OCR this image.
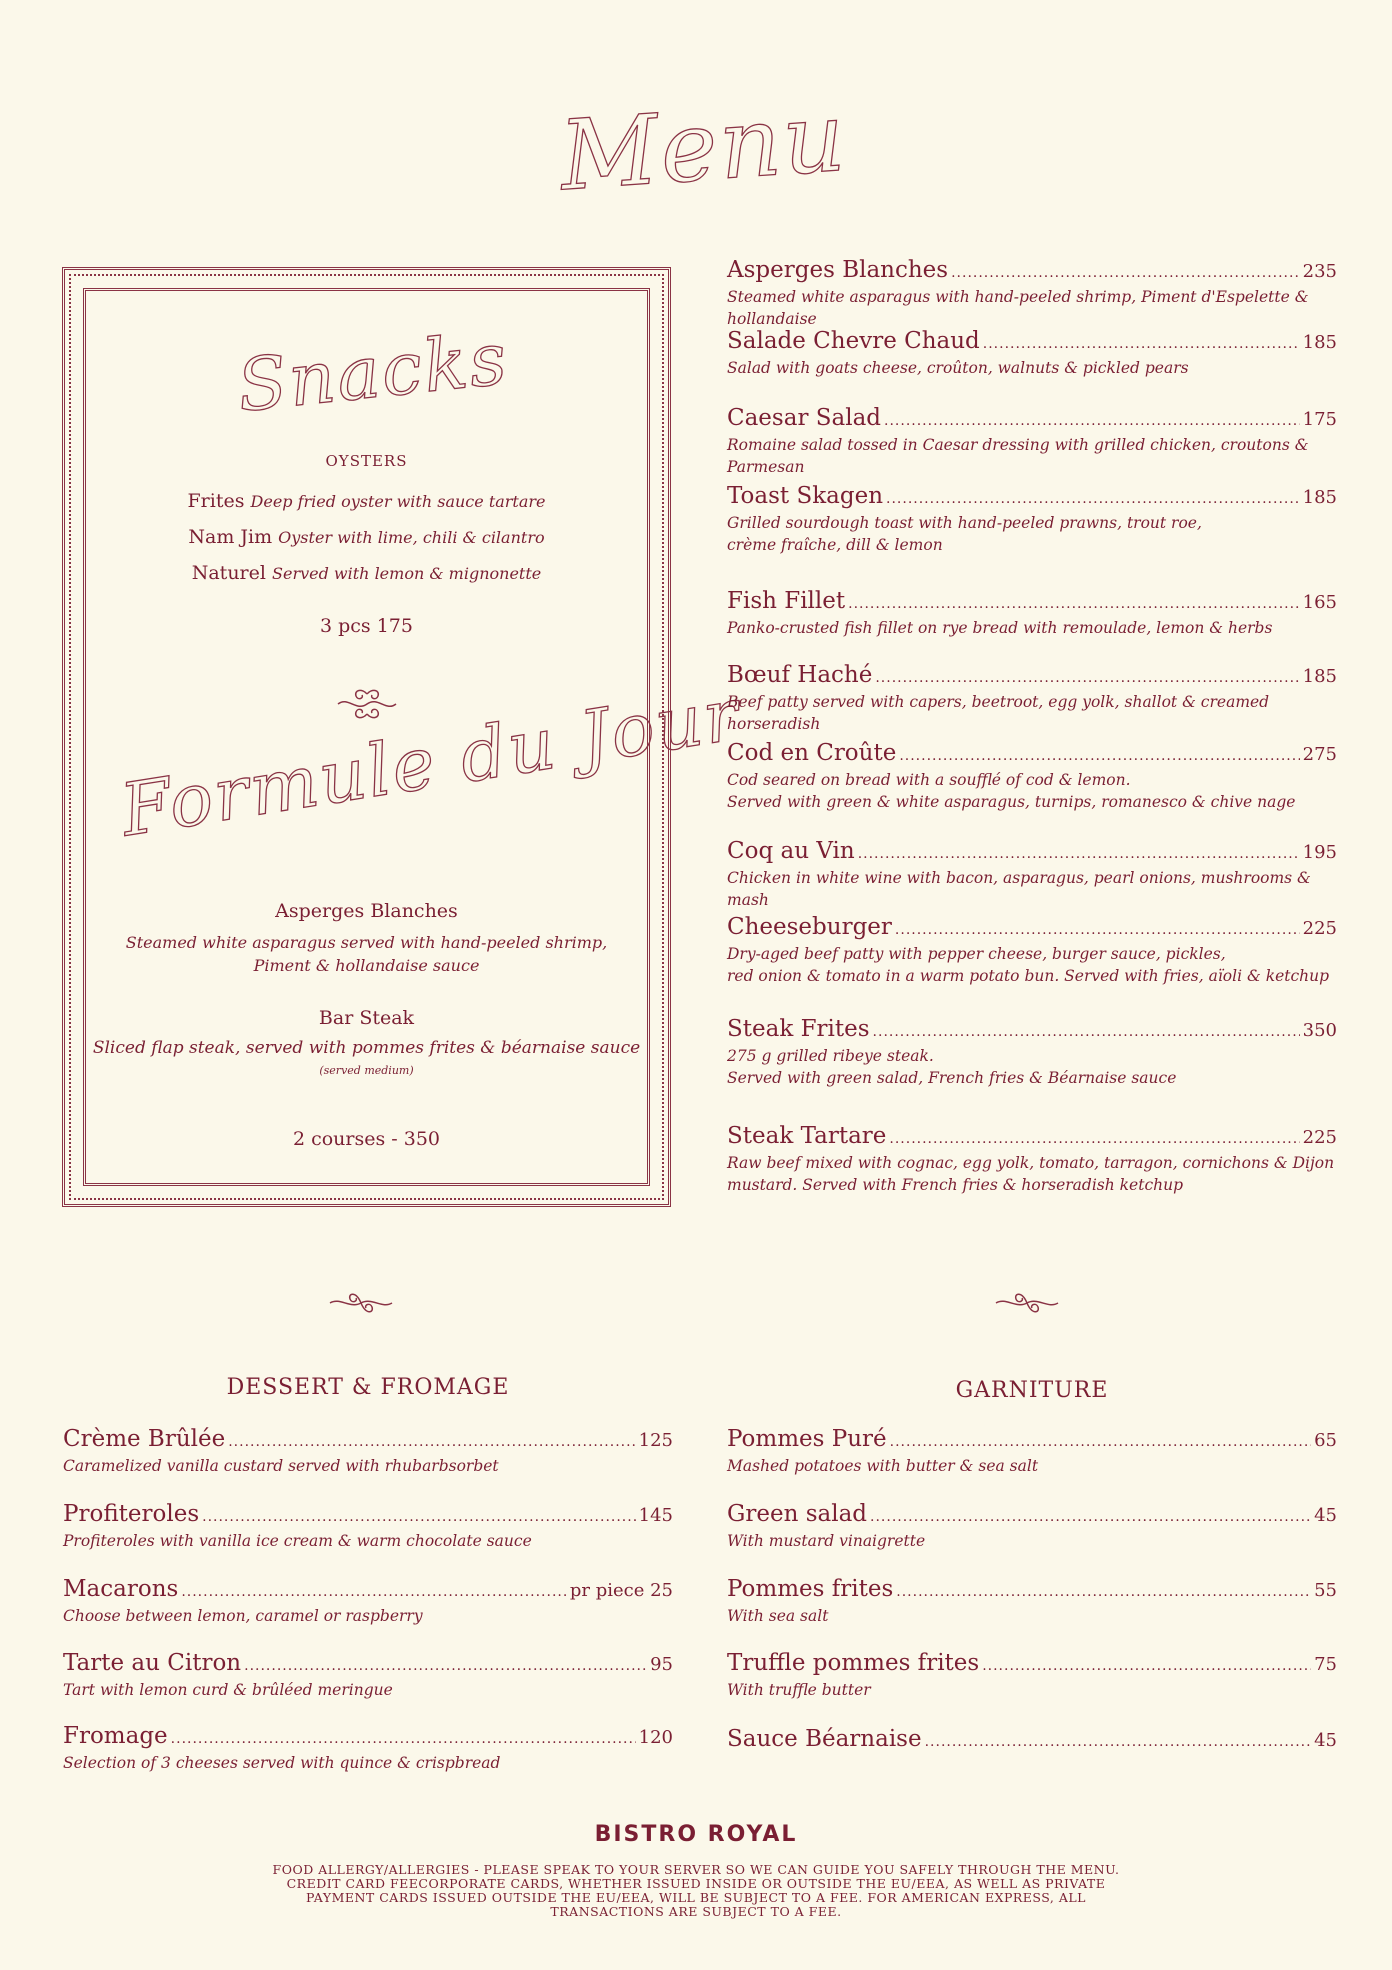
Menu
Snacks
OYSTERS
Frites Deep fried oyster with sauce tartare
Nam Jim Oyster with lime, chili & cilantro
Naturel Served with lemon & mignonette
3 pcs 175
Formule du Jour
Asperges Blanches
Steamed white asparagus served with hand-peeled shrimp,
Piment & hollandaise sauce
Bar Steak
Sliced flap steak, served with pommes frites & béarnaise sauce
(served medium)
2 courses - 350
Asperges Blanches .....	235
Steamed white asparagus with hand-peeled shrimp, Piment d'Espelette & hollandaise
Salade Chevre Chaud .....	185
Salad with goats cheese, croûton, walnuts & pickled pears
Caesar Salad .....	175
Romaine salad tossed in Caesar dressing with grilled chicken, croutons & Parmesan
Toast Skagen .....	185
Grilled sourdough toast with hand-peeled prawns, trout roe,
crème fraîche, dill & lemon
Fish Fillet .....	165
Panko-crusted fish fillet on rye bread with remoulade, lemon & herbs
Bœuf Haché .....	185
Beef patty served with capers, beetroot, egg yolk, shallot & creamed horseradish
Cod en Croûte .....	275
Cod seared on bread with a soufflé of cod & lemon.
Served with green & white asparagus, turnips, romanesco & chive nage
Coq au Vin .....	195
Chicken in white wine with bacon, asparagus, pearl onions, mushrooms & mash
Cheeseburger .....	225
Dry-aged beef patty with pepper cheese, burger sauce, pickles,
red onion & tomato in a warm potato bun. Served with fries, aïoli & ketchup
Steak Frites .....	350
275 g grilled ribeye steak.
Served with green salad, French fries & Béarnaise sauce
Steak Tartare .....	225
Raw beef mixed with cognac, egg yolk, tomato, tarragon, cornichons & Dijon
mustard. Served with French fries & horseradish ketchup
DESSERT & FROMAGE	GARNITURE
Crème Brûlée .....	125
Caramelized vanilla custard served with rhubarbsorbet
Profiteroles .....	145
Profiteroles with vanilla ice cream & warm chocolate sauce
Macarons .....	pr piece 25
Choose between lemon, caramel or raspberry
Tarte au Citron .....	95
Tart with lemon curd & brûléed meringue
Fromage .....	120
Selection of 3 cheeses served with quince & crispbread
Pommes Puré .....	65
Mashed potatoes with butter & sea salt
Green salad .....	45
With mustard vinaigrette
Pommes frites .....	55
With sea salt
Truffle pommes frites .....	75
With truffle butter
Sauce Béarnaise .....	45
BISTRO ROYAL
FOOD ALLERGY/ALLERGIES - PLEASE SPEAK TO YOUR SERVER SO WE CAN GUIDE YOU SAFELY THROUGH THE MENU.
CREDIT CARD FEECORPORATE CARDS, WHETHER ISSUED INSIDE OR OUTSIDE THE EU/EEA, AS WELL AS PRIVATE
PAYMENT CARDS ISSUED OUTSIDE THE EU/EEA, WILL BE SUBJECT TO A FEE. FOR AMERICAN EXPRESS, ALL
TRANSACTIONS ARE SUBJECT TO A FEE.
